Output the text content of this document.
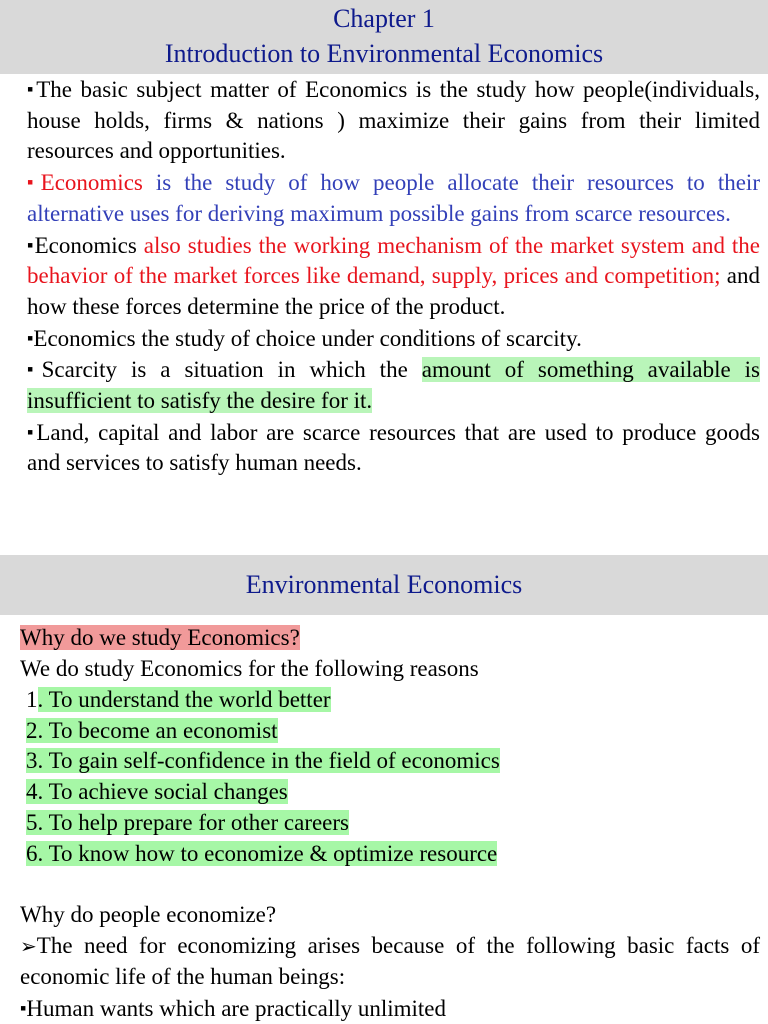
Chapter 1
Introduction to Environmental Economics

▪ The basic subject matter of Economics is the study how people(individuals, house holds, firms & nations ) maximize their gains from their limited resources and opportunities.

▪ Economics is the study of how people allocate their resources to their alternative uses for deriving maximum possible gains from scarce resources.

▪ Economics also studies the working mechanism of the market system and the behavior of the market forces like demand, supply, prices and competition; and how these forces determine the price of the product.

▪ Economics the study of choice under conditions of scarcity.

▪ Scarcity is a situation in which the amount of something available is insufficient to satisfy the desire for it.

▪ Land, capital and labor are scarce resources that are used to produce goods and services to satisfy human needs.

Environmental Economics
Why do we study Economics?
We do study Economics for the following reasons
1. To understand the world better
2. To become an economist
3. To gain self-confidence in the field of economics
4. To achieve social changes
5. To help prepare for other careers
6. To know how to economize & optimize resource
Why do people economize?

➢The need for economizing arises because of the following basic facts of economic life of the human beings:

▪ Human wants which are practically unlimited
